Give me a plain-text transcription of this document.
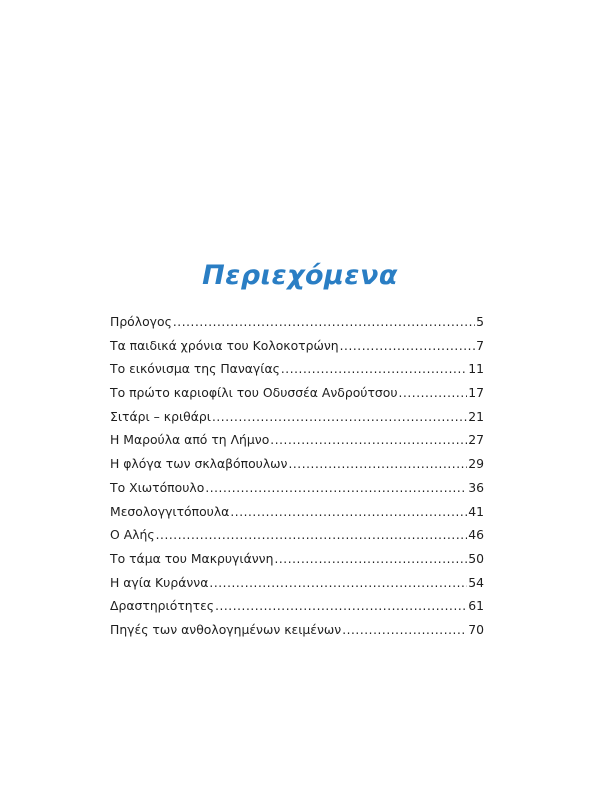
Περιεχόμενα
Πρόλογος .....	5
Τα παιδικά χρόνια του Κολοκοτρώνη .....	7
Το εικόνισμα της Παναγίας .....	11
Το πρώτο καριοφίλι του Οδυσσέα Ανδρούτσου .....	17
Σιτάρι – κριθάρι .....	21
Η Μαρούλα από τη Λήμνο .....	27
Η φλόγα των σκλαβόπουλων .....	29
Το Χιωτόπουλο .....	36
Μεσολογγιτόπουλα .....	41
Ο Αλής .....	46
Το τάμα του Μακρυγιάννη .....	50
Η αγία Κυράννα .....	54
Δραστηριότητες .....	61
Πηγές των ανθολογημένων κειμένων .....	70
